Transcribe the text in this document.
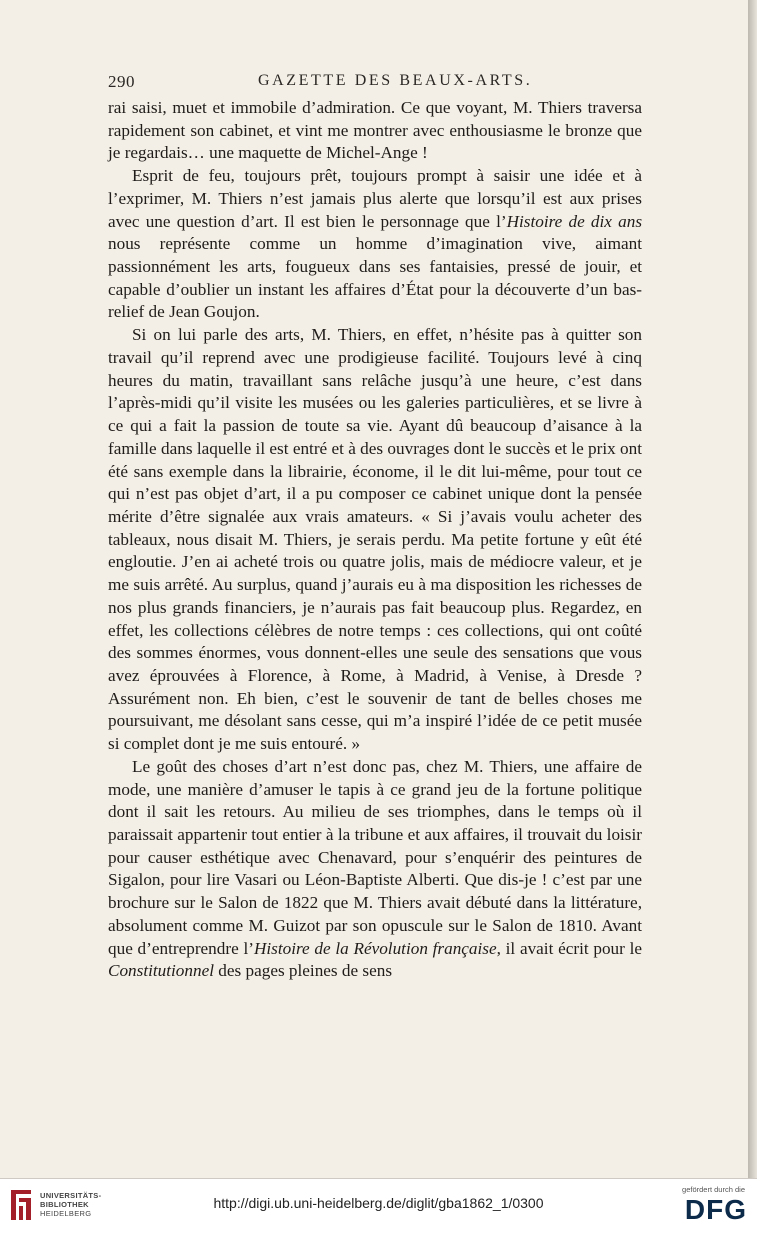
290	GAZETTE DES BEAUX-ARTS.

rai saisi, muet et immobile d’admiration. Ce que voyant, M. Thiers traversa rapidement son cabinet, et vint me montrer avec enthousiasme le bronze que je regardais… une maquette de Michel-Ange !

Esprit de feu, toujours prêt, toujours prompt à saisir une idée et à l’exprimer, M. Thiers n’est jamais plus alerte que lorsqu’il est aux prises avec une question d’art. Il est bien le personnage que l’Histoire de dix ans nous représente comme un homme d’imagination vive, aimant passionnément les arts, fougueux dans ses fantaisies, pressé de jouir, et capable d’oublier un instant les affaires d’État pour la découverte d’un bas-relief de Jean Goujon.

Si on lui parle des arts, M. Thiers, en effet, n’hésite pas à quitter son travail qu’il reprend avec une prodigieuse facilité. Toujours levé à cinq heures du matin, travaillant sans relâche jusqu’à une heure, c’est dans l’après-midi qu’il visite les musées ou les galeries particulières, et se livre à ce qui a fait la passion de toute sa vie. Ayant dû beaucoup d’aisance à la famille dans laquelle il est entré et à des ouvrages dont le succès et le prix ont été sans exemple dans la librairie, économe, il le dit lui-même, pour tout ce qui n’est pas objet d’art, il a pu composer ce cabinet unique dont la pensée mérite d’être signalée aux vrais amateurs. « Si j’avais voulu acheter des tableaux, nous disait M. Thiers, je serais perdu. Ma petite fortune y eût été engloutie. J’en ai acheté trois ou quatre jolis, mais de médiocre valeur, et je me suis arrêté. Au surplus, quand j’aurais eu à ma disposition les richesses de nos plus grands financiers, je n’aurais pas fait beaucoup plus. Regardez, en effet, les collections célèbres de notre temps : ces collections, qui ont coûté des sommes énormes, vous donnent-elles une seule des sensations que vous avez éprouvées à Florence, à Rome, à Madrid, à Venise, à Dresde ? Assurément non. Eh bien, c’est le souvenir de tant de belles choses me poursuivant, me désolant sans cesse, qui m’a inspiré l’idée de ce petit musée si complet dont je me suis entouré. »

Le goût des choses d’art n’est donc pas, chez M. Thiers, une affaire de mode, une manière d’amuser le tapis à ce grand jeu de la fortune politique dont il sait les retours. Au milieu de ses triomphes, dans le temps où il paraissait appartenir tout entier à la tribune et aux affaires, il trouvait du loisir pour causer esthétique avec Chenavard, pour s’enquérir des peintures de Sigalon, pour lire Vasari ou Léon-Baptiste Alberti. Que dis-je ! c’est par une brochure sur le Salon de 1822 que M. Thiers avait débuté dans la littérature, absolument comme M. Guizot par son opuscule sur le Salon de 1810. Avant que d’entreprendre l’Histoire de la Révolution française, il avait écrit pour le Constitutionnel des pages pleines de sens

UNIVERSITÄTS-
BIBLIOTHEK
HEIDELBERG
http://digi.ub.uni-heidelberg.de/diglit/gba1862_1/0300
gefördert durch die
DFG
